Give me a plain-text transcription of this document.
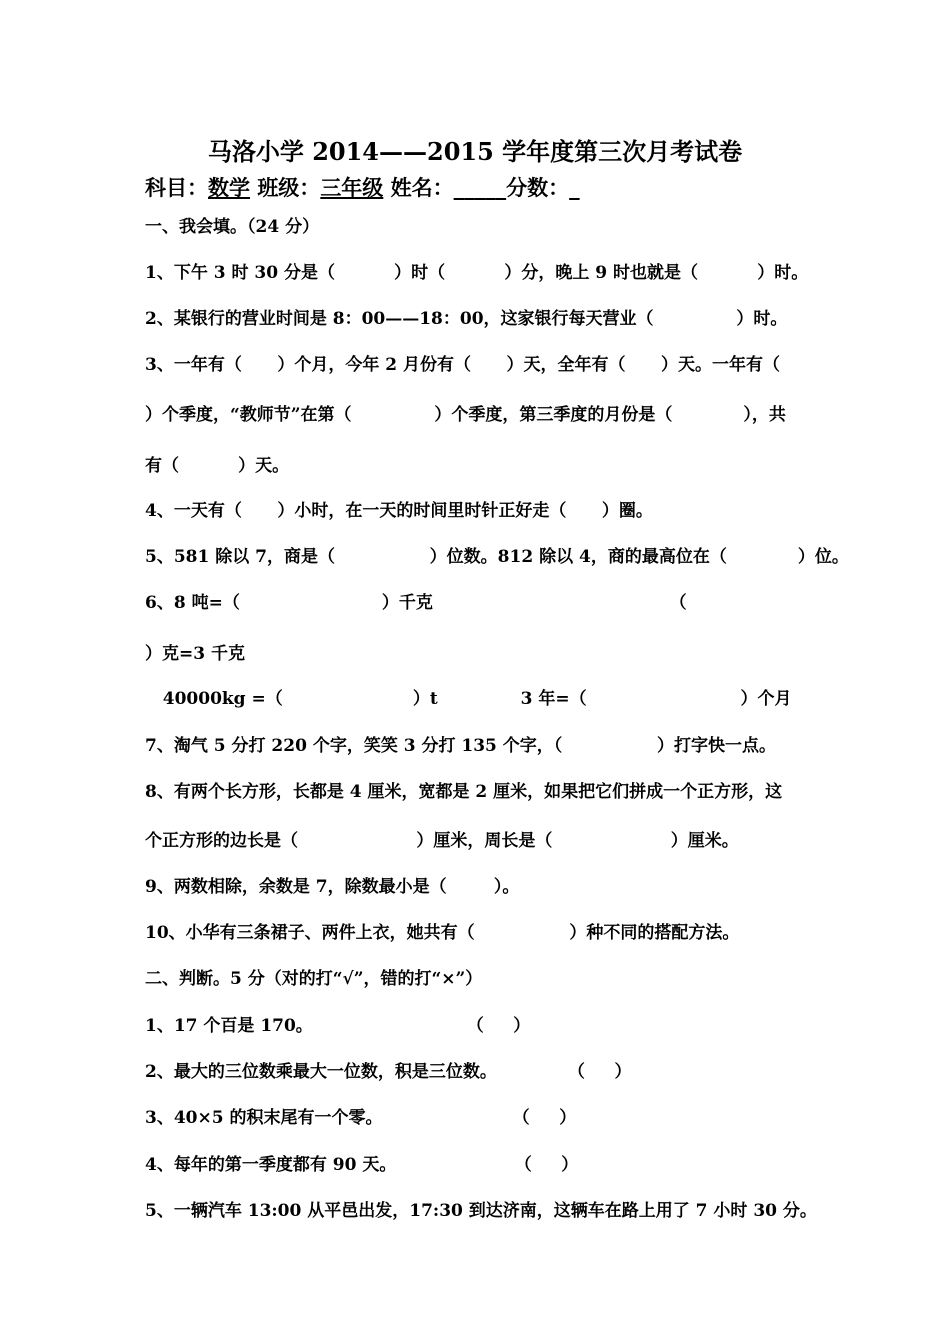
马洛小学 2014——2015 学年度第三次月考试卷
科目：数学 班级：三年级 姓名：_____分数：_
一、我会填。（24 分）
1、下午 3 时 30 分是（          ）时（          ）分，晚上 9 时也就是（          ）时。
2、某银行的营业时间是 8：00——18：00，这家银行每天营业（              ）时。
3、一年有（      ）个月，今年 2 月份有（      ）天，全年有（      ）天。一年有（
）个季度，“教师节”在第（              ）个季度，第三季度的月份是（            ），共
有（          ）天。
4、一天有（      ）小时，在一天的时间里时针正好走（      ）圈。
5、581 除以 7，商是（                ）位数。812 除以 4，商的最高位在（            ）位。
6、8 吨=（                        ）千克                                        （
）克=3 千克
40000kg =（                      ）t              3 年=（                          ）个月
7、淘气 5 分打 220 个字，笑笑 3 分打 135 个字，（                ）打字快一点。
8、有两个长方形，长都是 4 厘米，宽都是 2 厘米，如果把它们拼成一个正方形，这
个正方形的边长是（                    ）厘米，周长是（                    ）厘米。
9、两数相除，余数是 7，除数最小是（        ）。
10、小华有三条裙子、两件上衣，她共有（                ）种不同的搭配方法。
二、判断。5 分（对的打“√”，错的打“×”）
1、17 个百是 170。                          （     ）
2、最大的三位数乘最大一位数，积是三位数。            （     ）
3、40×5 的积末尾有一个零。                      （     ）
4、每年的第一季度都有 90 天。                    （     ）
5、一辆汽车 13:00 从平邑出发，17:30 到达济南，这辆车在路上用了 7 小时 30 分。
